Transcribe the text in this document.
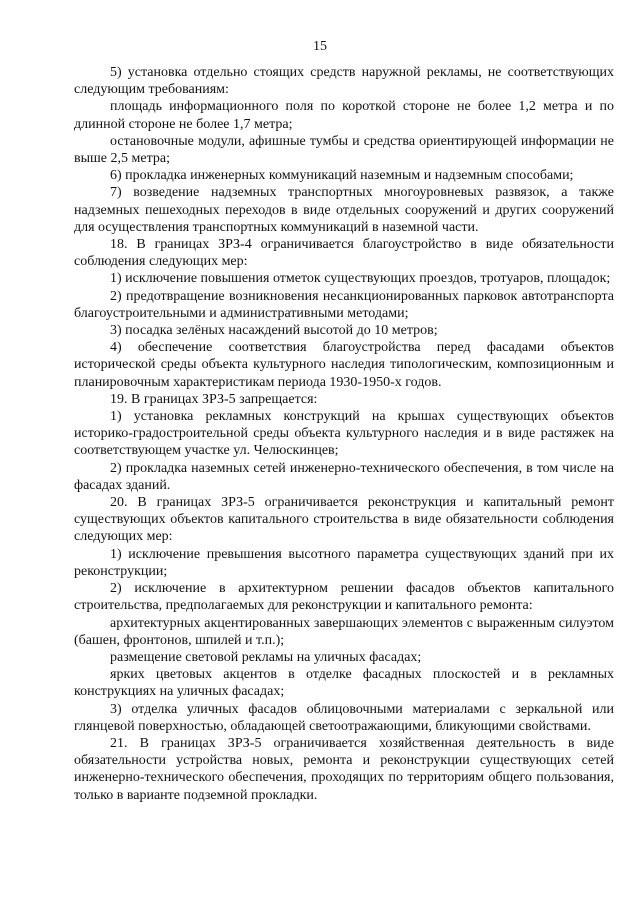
15

5) установка отдельно стоящих средств наружной рекламы, не соответствующих следующим требованиям:

площадь информационного поля по короткой стороне не более 1,2 метра и по длинной стороне не более 1,7 метра;

остановочные модули, афишные тумбы и средства ориентирующей информации не выше 2,5 метра;

6) прокладка инженерных коммуникаций наземным и надземным способами;

7) возведение надземных транспортных многоуровневых развязок, а также надземных пешеходных переходов в виде отдельных сооружений и других сооружений для осуществления транспортных коммуникаций в наземной части.

18. В границах ЗРЗ-4 ограничивается благоустройство в виде обязательности соблюдения следующих мер:

1) исключение повышения отметок существующих проездов, тротуаров, площадок;

2) предотвращение возникновения несанкционированных парковок автотранспорта благоустроительными и административными методами;

3) посадка зелёных насаждений высотой до 10 метров;

4) обеспечение соответствия благоустройства перед фасадами объектов исторической среды объекта культурного наследия типологическим, композиционным и планировочным характеристикам периода 1930-1950-х годов.

19. В границах ЗРЗ-5 запрещается:

1) установка рекламных конструкций на крышах существующих объектов историко-градостроительной среды объекта культурного наследия и в виде растяжек на соответствующем участке ул. Челюскинцев;

2) прокладка наземных сетей инженерно-технического обеспечения, в том числе на фасадах зданий.

20. В границах ЗРЗ-5 ограничивается реконструкция и капитальный ремонт существующих объектов капитального строительства в виде обязательности соблюдения следующих мер:

1) исключение превышения высотного параметра существующих зданий при их реконструкции;

2) исключение в архитектурном решении фасадов объектов капитального строительства, предполагаемых для реконструкции и капитального ремонта:

архитектурных акцентированных завершающих элементов с выраженным силуэтом (башен, фронтонов, шпилей и т.п.);

размещение световой рекламы на уличных фасадах;

ярких цветовых акцентов в отделке фасадных плоскостей и в рекламных конструкциях на уличных фасадах;

3) отделка уличных фасадов облицовочными материалами с зеркальной или глянцевой поверхностью, обладающей светоотражающими, бликующими свойствами.

21. В границах ЗРЗ-5 ограничивается хозяйственная деятельность в виде обязательности устройства новых, ремонта и реконструкции существующих сетей инженерно-технического обеспечения, проходящих по территориям общего пользования, только в варианте подземной прокладки.
